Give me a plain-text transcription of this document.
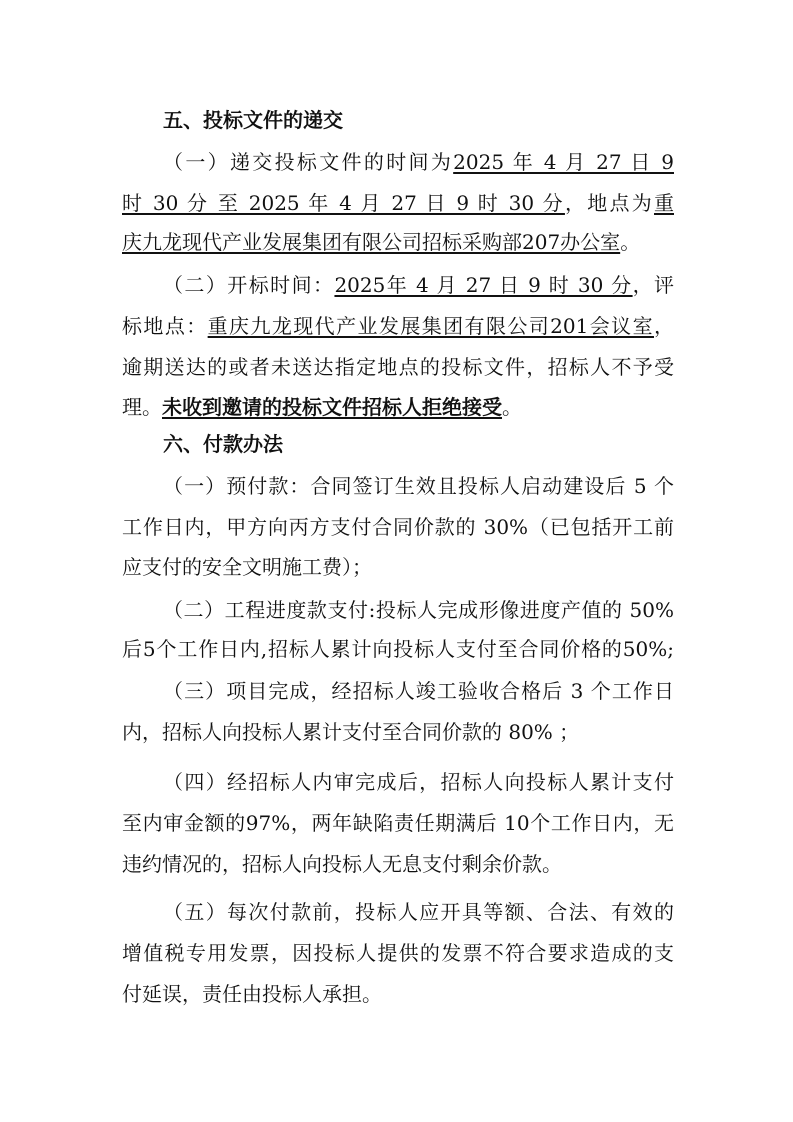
五、投标文件的递交
（一）递交投标文件的时间为2025 年 4 月 27 日 9
时 30 分 至 2025 年 4 月 27 日 9 时 30 分，地点为重
庆九龙现代产业发展集团有限公司招标采购部207办公室。
（二）开标时间：2025年 4 月 27 日 9 时 30 分，评
标地点：重庆九龙现代产业发展集团有限公司201会议室，
逾期送达的或者未送达指定地点的投标文件，招标人不予受
理。未收到邀请的投标文件招标人拒绝接受。
六、付款办法
（一）预付款：合同签订生效且投标人启动建设后 5 个
工作日内，甲方向丙方支付合同价款的 30%（已包括开工前
应支付的安全文明施工费）；
（二）工程进度款支付:投标人完成形像进度产值的 50%
后5个工作日内,招标人累计向投标人支付至合同价格的50%;
（三）项目完成，经招标人竣工验收合格后 3 个工作日
内，招标人向投标人累计支付至合同价款的 80% ；
（四）经招标人内审完成后，招标人向投标人累计支付
至内审金额的97%，两年缺陷责任期满后 10个工作日内，无
违约情况的，招标人向投标人无息支付剩余价款。
（五）每次付款前，投标人应开具等额、合法、有效的
增值税专用发票，因投标人提供的发票不符合要求造成的支
付延误，责任由投标人承担。
